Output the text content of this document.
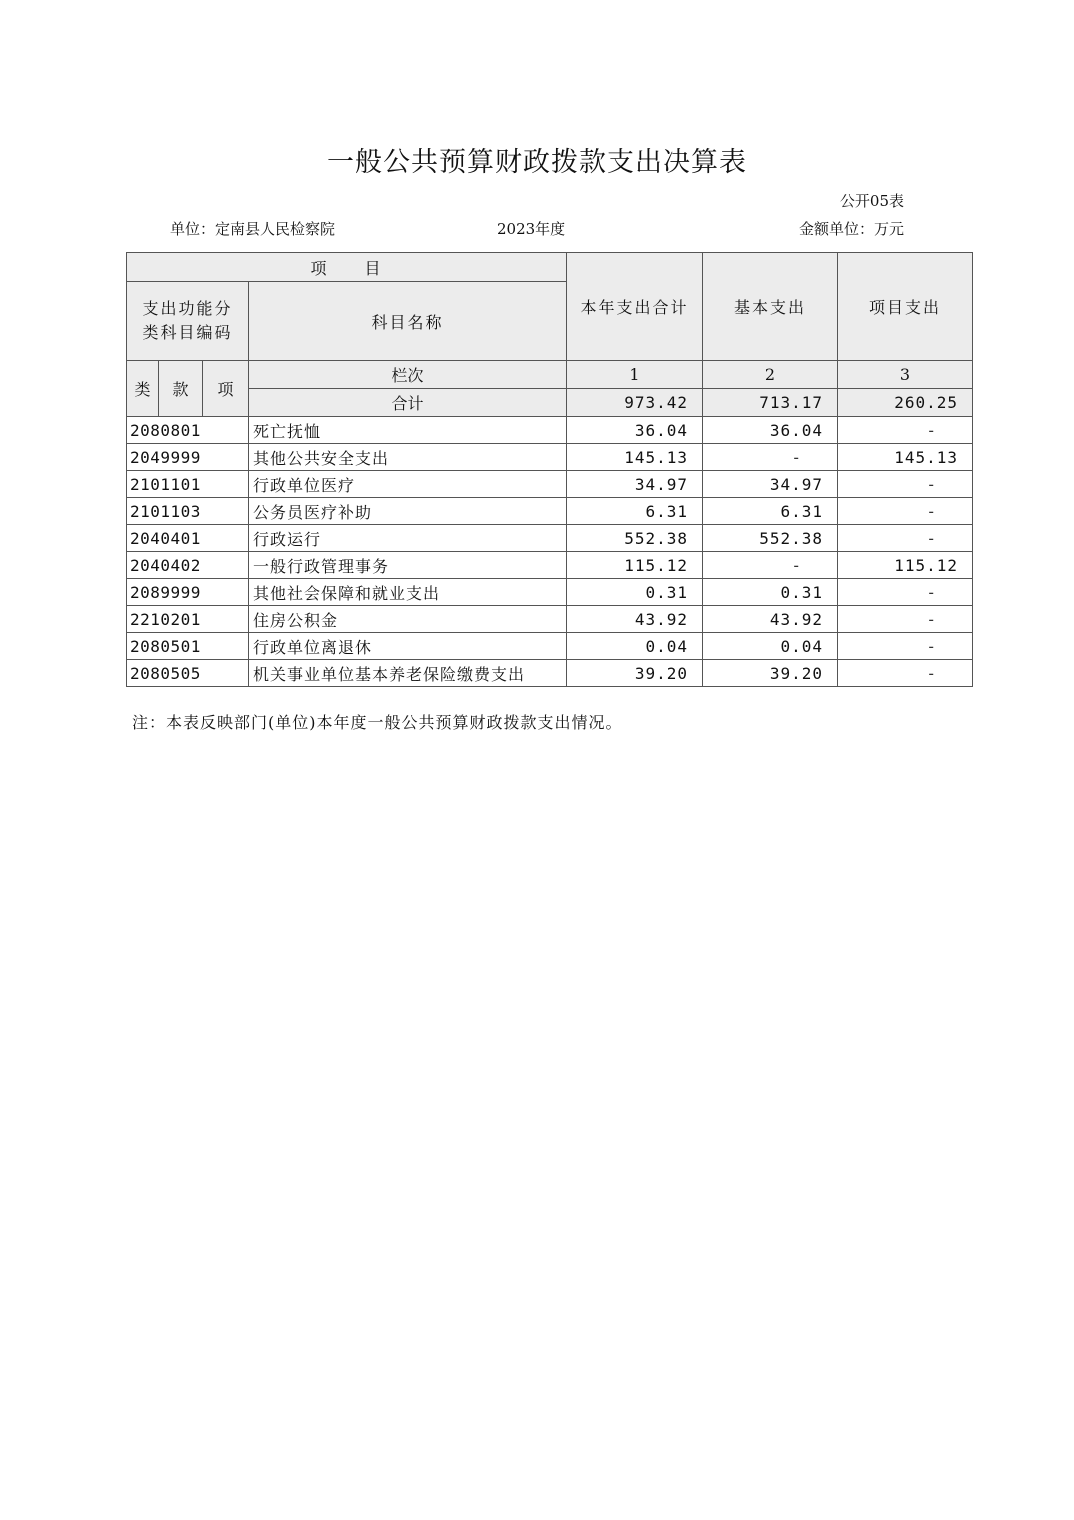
一般公共预算财政拨款支出决算表
公开05表
单位：定南县人民检察院	2023年度	金额单位：万元
项　　目				本年支出合计	基本支出	项目支出
支出功能分类科目编码			科目名称			
类	款	项	栏次	1	2	3
			合计	973.42	713.17	260.25
2080801			死亡抚恤	36.04	36.04	-
2049999			其他公共安全支出	145.13	-	145.13
2101101			行政单位医疗	34.97	34.97	-
2101103			公务员医疗补助	6.31	6.31	-
2040401			行政运行	552.38	552.38	-
2040402			一般行政管理事务	115.12	-	115.12
2089999			其他社会保障和就业支出	0.31	0.31	-
2210201			住房公积金	43.92	43.92	-
2080501			行政单位离退休	0.04	0.04	-
2080505			机关事业单位基本养老保险缴费支出	39.20	39.20	-
注：本表反映部门(单位)本年度一般公共预算财政拨款支出情况。
